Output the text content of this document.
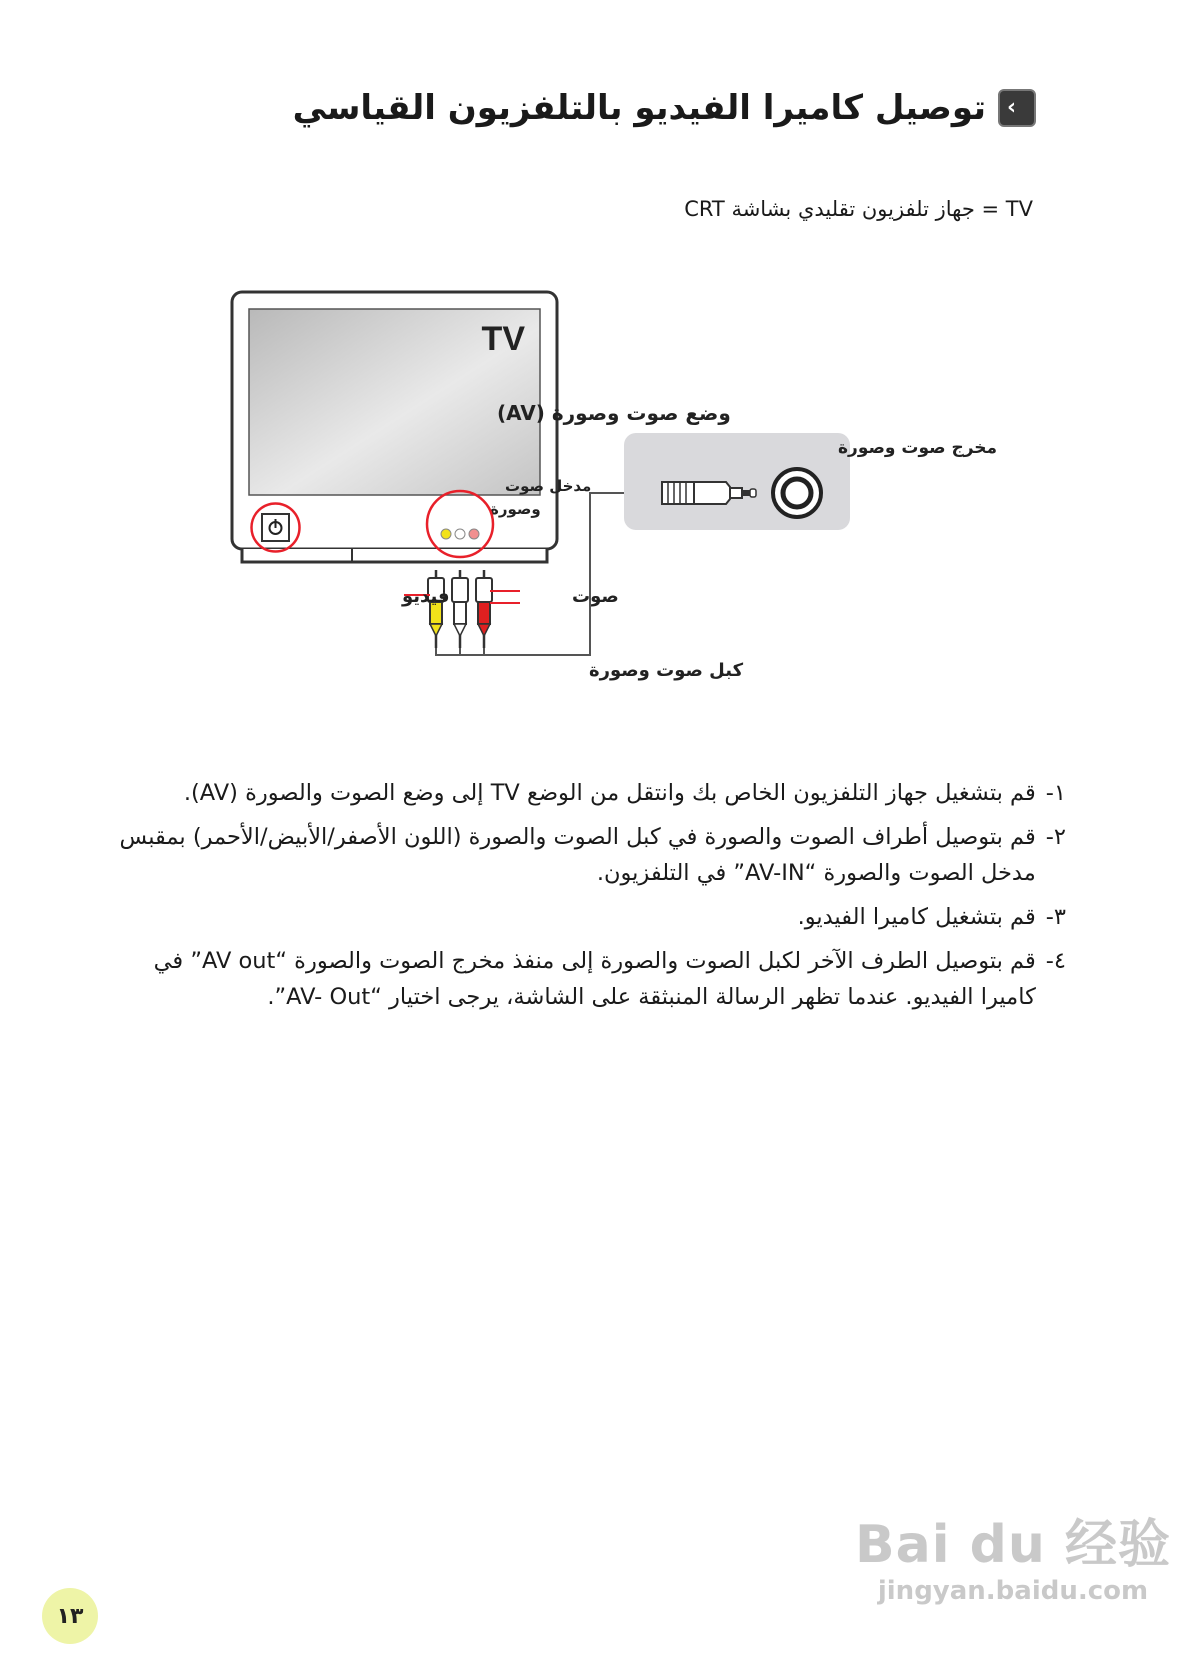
‹
توصيل كاميرا الفيديو بالتلفزيون القياسي
TV = جهاز تلفزيون تقليدي بشاشة CRT
TV
وضع صوت وصورة (AV)
مدخل صوت
وصورة
فيديو	صوت
كبل صوت وصورة
مخرج صوت وصورة
١-
قم بتشغيل جهاز التلفزيون الخاص بك وانتقل من الوضع TV إلى وضع الصوت والصورة (AV).
٢-
قم بتوصيل أطراف الصوت والصورة في كبل الصوت والصورة (اللون الأصفر/الأبيض/الأحمر) بمقبس مدخل الصوت والصورة “AV-IN” في التلفزيون.
٣-
قم بتشغيل كاميرا الفيديو.
٤-
قم بتوصيل الطرف الآخر لكبل الصوت والصورة إلى منفذ مخرج الصوت والصورة “AV out” في كاميرا الفيديو. عندما تظهر الرسالة المنبثقة على الشاشة، يرجى اختيار “AV- Out”.
١٣
Bai du 经验
jingyan.baidu.com
